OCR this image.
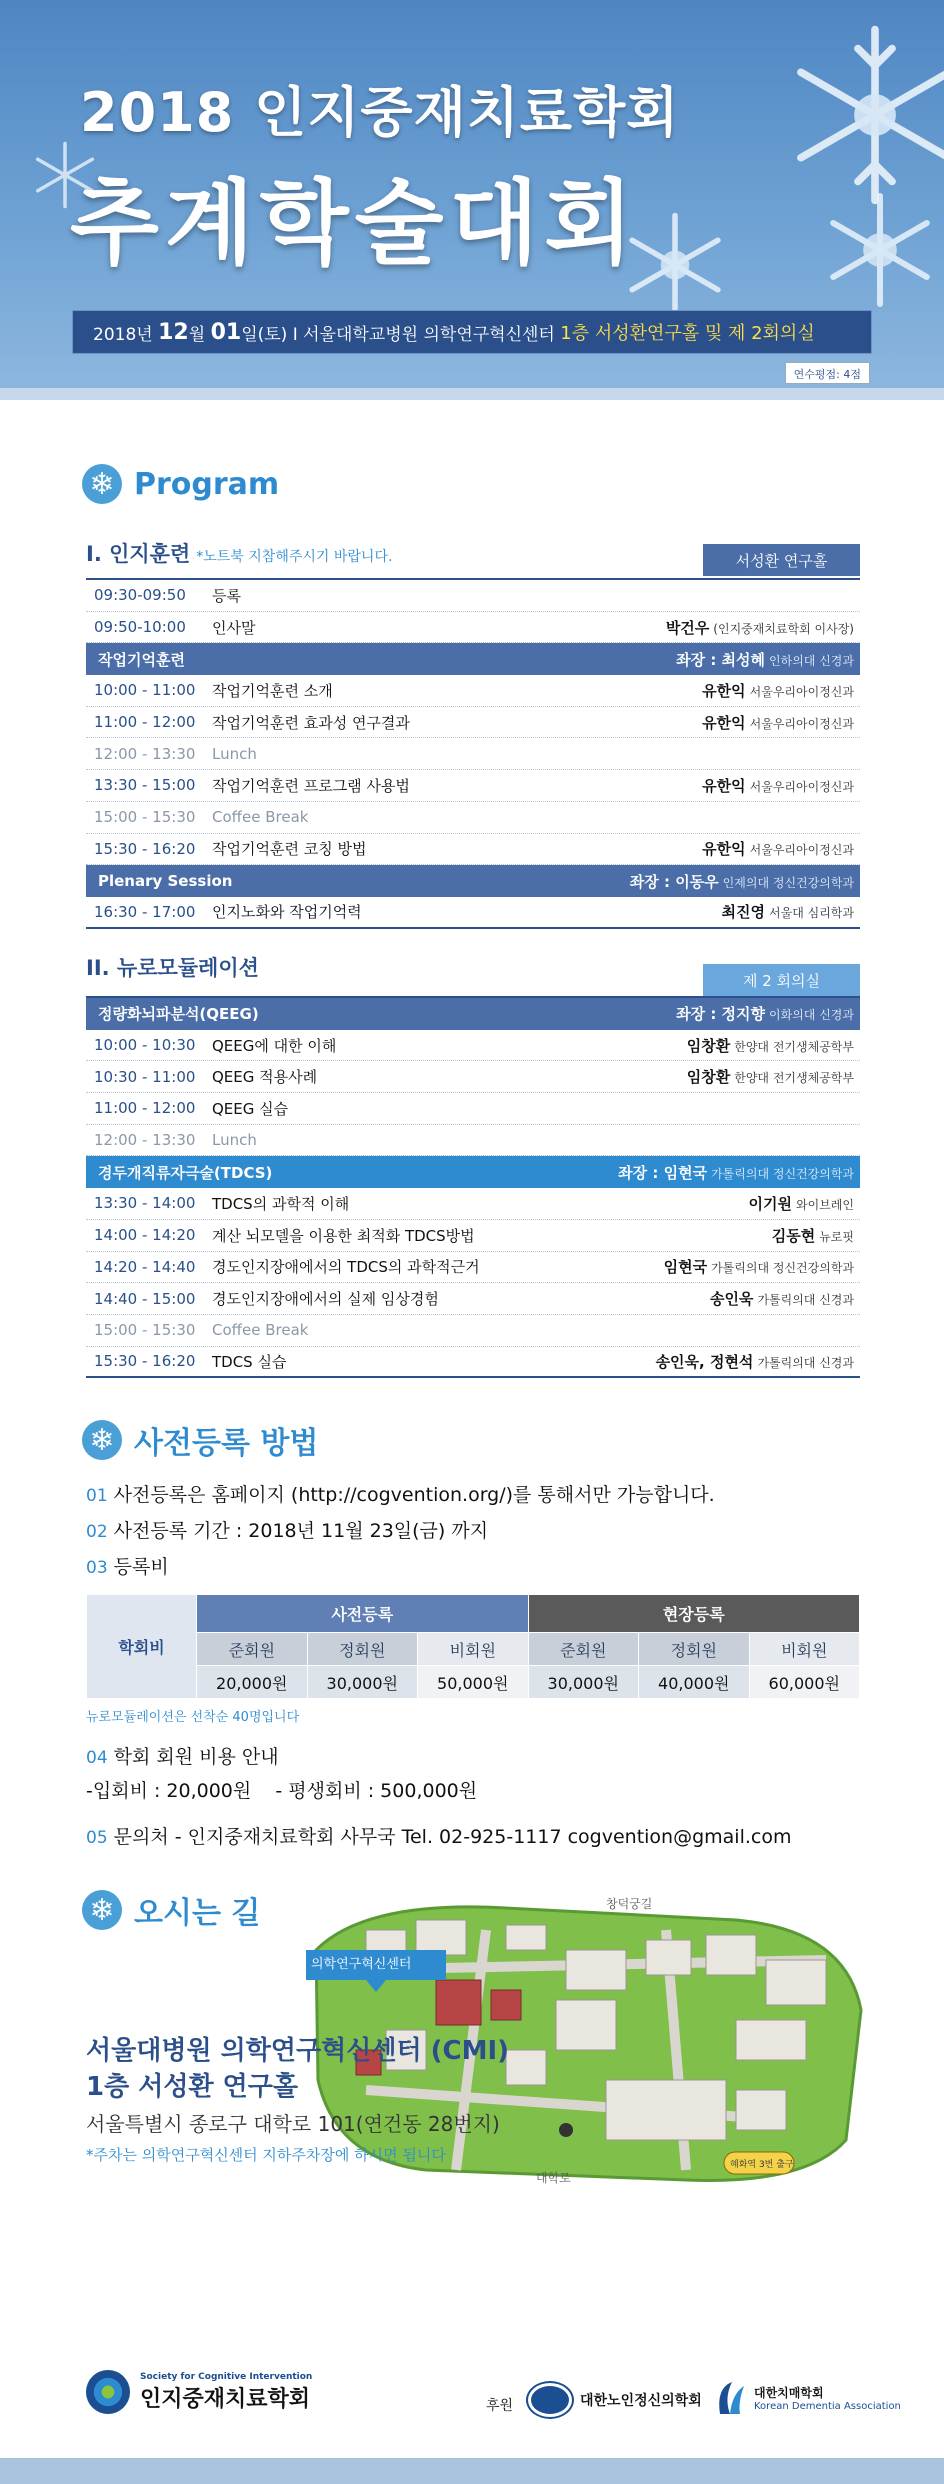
2018 인지중재치료학회
추계학술대회
2018년
12 월
01 일(토)
I 서울대학교병원 의학연구혁신센터
1층 서성환연구홀 및 제 2회의실
연수평점: 4점
❄ Program
I. 인지훈련 *노트북 지참해주시기 바랍니다.	서성환 연구홀
09:30-09:50	등록
09:50-10:00	인사말	박건우 (인지중재치료학회 이사장)
작업기억훈련	좌장 : 최성혜 인하의대 신경과
10:00 - 11:00	작업기억훈련 소개	유한익 서울우리아이정신과
11:00 - 12:00	작업기억훈련 효과성 연구결과	유한익 서울우리아이정신과
12:00 - 13:30	Lunch
13:30 - 15:00	작업기억훈련 프로그램 사용법	유한익 서울우리아이정신과
15:00 - 15:30	Coffee Break
15:30 - 16:20	작업기억훈련 코칭 방법	유한익 서울우리아이정신과
Plenary Session	좌장 : 이동우 인제의대 정신건강의학과
16:30 - 17:00	인지노화와 작업기억력	최진영 서울대 심리학과
II. 뉴로모듈레이션
제 2 회의실
정량화뇌파분석(QEEG)	좌장 : 정지향 이화의대 신경과
10:00 - 10:30	QEEG에 대한 이해	임창환 한양대 전기생체공학부
10:30 - 11:00	QEEG 적용사례	임창환 한양대 전기생체공학부
11:00 - 12:00	QEEG 실습
12:00 - 13:30	Lunch
경두개직류자극술(TDCS)	좌장 : 임현국 가톨릭의대 정신건강의학과
13:30 - 14:00	TDCS의 과학적 이해	이기원 와이브레인
14:00 - 14:20	계산 뇌모델을 이용한 최적화 TDCS방법	김동현 뉴로핏
14:20 - 14:40	경도인지장애에서의 TDCS의 과학적근거	임현국 가톨릭의대 정신건강의학과
14:40 - 15:00	경도인지장애에서의 실제 임상경험	송인욱 가톨릭의대 신경과
15:00 - 15:30	Coffee Break
15:30 - 16:20	TDCS 실습	송인욱, 정현석 가톨릭의대 신경과
❄ 사전등록 방법
01 사전등록은 홈페이지 (http://cogvention.org/)를 통해서만 가능합니다.
02 사전등록 기간 : 2018년 11월 23일(금) 까지
03 등록비
학회비	사전등록			현장등록		
	준회원	정회원	비회원	준회원	정회원	비회원
	20,000원	30,000원	50,000원	30,000원	40,000원	60,000원
뉴로모듈레이션은 선착순 40명입니다
04 학회 회원 비용 안내
-입회비 : 20,000원    - 평생회비 : 500,000원
05 문의처 - 인지중재치료학회 사무국 Tel. 02-925-1117 cogvention@gmail.com
❄ 오시는 길
의학연구혁신센터
창덕궁길
대학로
혜화역 3번 출구
서울대병원 의학연구혁신센터 (CMI)
1층 서성환 연구홀
서울특별시 종로구 대학로 101(연건동 28번지)
*주차는 의학연구혁신센터 지하주차장에 하시면 됩니다
Society for Cognitive Intervention
인지중재치료학회	후원	대한노인정신의학회	대한치매학회
Korean Dementia Association
